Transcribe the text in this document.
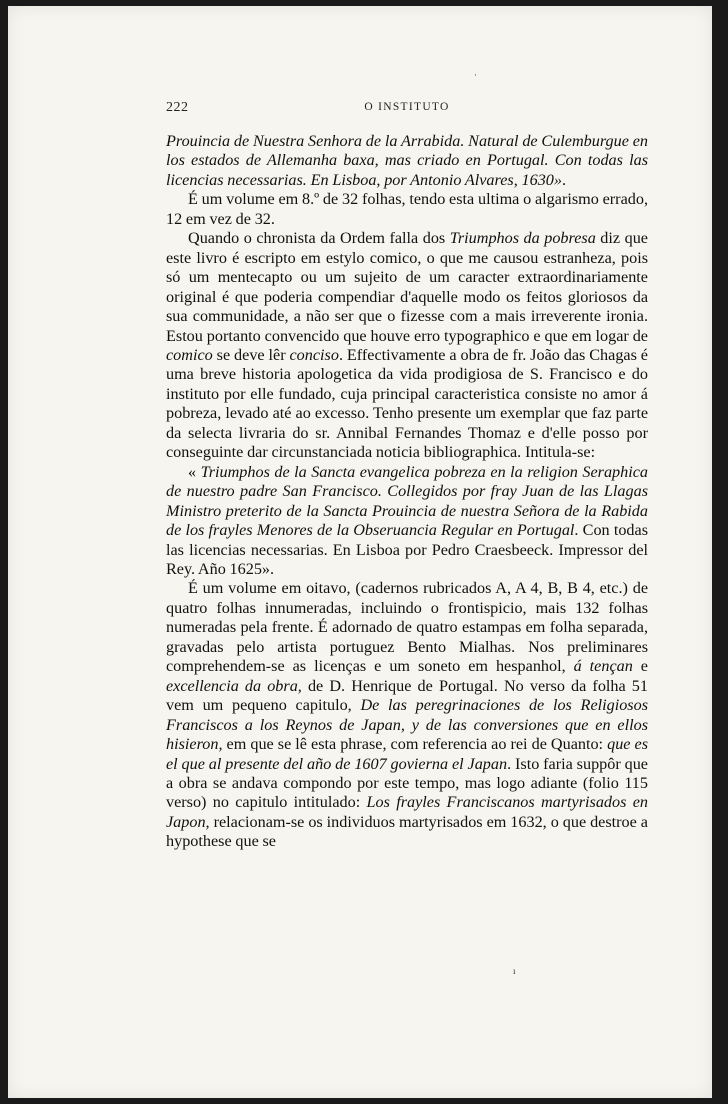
222	O INSTITUTO

Prouincia de Nuestra Senhora de la Arrabida. Natural de Culemburgue en los estados de Allemanha baxa, mas criado en Portugal. Con todas las licencias necessarias. En Lisboa, por Antonio Alvares, 1630».

É um volume em 8.º de 32 folhas, tendo esta ultima o algarismo errado, 12 em vez de 32.

Quando o chronista da Ordem falla dos Triumphos da pobresa diz que este livro é escripto em estylo comico, o que me causou estranheza, pois só um mentecapto ou um sujeito de um caracter extraordinariamente original é que poderia compendiar d'aquelle modo os feitos gloriosos da sua communidade, a não ser que o fizesse com a mais irreverente ironia. Estou portanto convencido que houve erro typographico e que em logar de comico se deve lêr conciso. Effectivamente a obra de fr. João das Chagas é uma breve historia apologetica da vida prodigiosa de S. Francisco e do instituto por elle fundado, cuja principal caracteristica consiste no amor á pobreza, levado até ao excesso. Tenho presente um exemplar que faz parte da selecta livraria do sr. Annibal Fernandes Thomaz e d'elle posso por conseguinte dar circunstanciada noticia bibliographica. Intitula-se:

« Triumphos de la Sancta evangelica pobreza en la religion Seraphica de nuestro padre San Francisco. Collegidos por fray Juan de las Llagas Ministro preterito de la Sancta Prouincia de nuestra Señora de la Rabida de los frayles Menores de la Obseruancia Regular en Portugal. Con todas las licencias necessarias. En Lisboa por Pedro Craesbeeck. Impressor del Rey. Año 1625».

É um volume em oitavo, (cadernos rubricados A, A 4, B, B 4, etc.) de quatro folhas innumeradas, incluindo o frontispicio, mais 132 folhas numeradas pela frente. É adornado de quatro estampas em folha separada, gravadas pelo artista portuguez Bento Mialhas. Nos preliminares comprehendem-se as licenças e um soneto em hespanhol, á tençan e excellencia da obra, de D. Henrique de Portugal. No verso da folha 51 vem um pequeno capitulo, De las peregrinaciones de los Religiosos Franciscos a los Reynos de Japan, y de las conversiones que en ellos hisieron, em que se lê esta phrase, com referencia ao rei de Quanto: que es el que al presente del año de 1607 govierna el Japan. Isto faria suppôr que a obra se andava compondo por este tempo, mas logo adiante (folio 115 verso) no capitulo intitulado: Los frayles Franciscanos martyrisados en Japon, relacionam-se os individuos martyrisados em 1632, o que destroe a hypothese que se

·
ı
